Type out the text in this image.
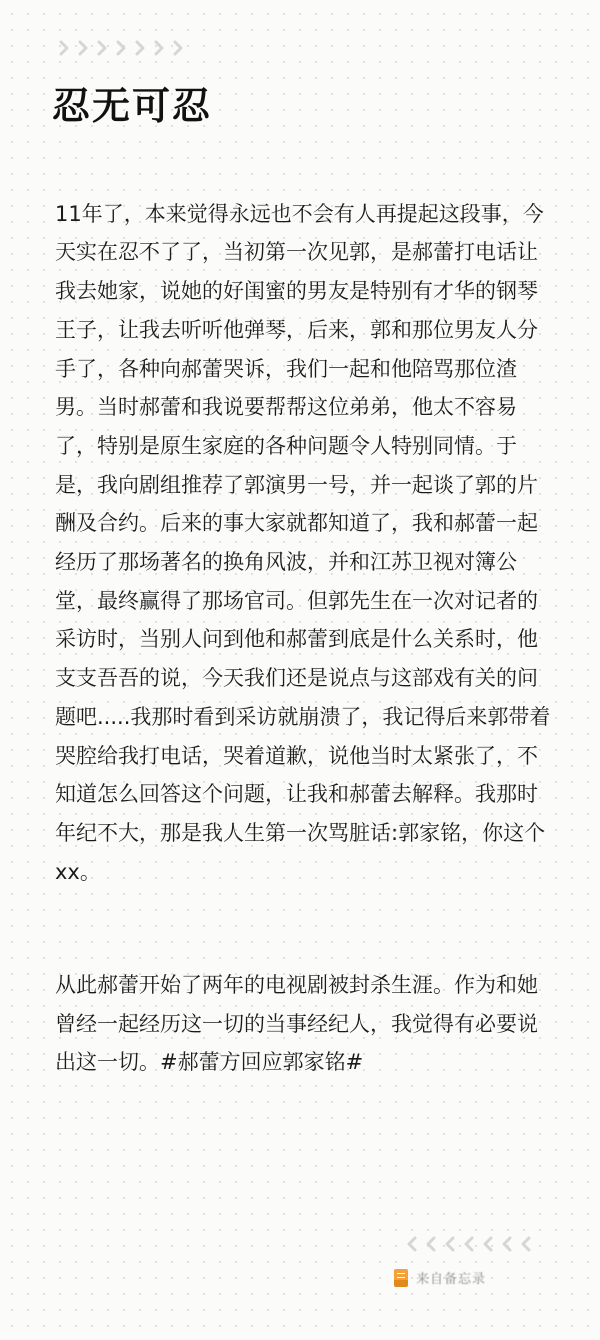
忍无可忍

11年了，本来觉得永远也不会有人再提起这段事，今天实在忍不了了，当初第一次见郭，是郝蕾打电话让我去她家，说她的好闺蜜的男友是特别有才华的钢琴王子，让我去听听他弹琴，后来，郭和那位男友人分手了，各种向郝蕾哭诉，我们一起和他陪骂那位渣男。当时郝蕾和我说要帮帮这位弟弟，他太不容易了，特别是原生家庭的各种问题令人特别同情。于是，我向剧组推荐了郭演男一号，并一起谈了郭的片酬及合约。后来的事大家就都知道了，我和郝蕾一起经历了那场著名的换角风波，并和江苏卫视对簿公堂，最终赢得了那场官司。但郭先生在一次对记者的采访时，当别人问到他和郝蕾到底是什么关系时，他支支吾吾的说，今天我们还是说点与这部戏有关的问题吧.....我那时看到采访就崩溃了，我记得后来郭带着哭腔给我打电话，哭着道歉，说他当时太紧张了，不知道怎么回答这个问题，让我和郝蕾去解释。我那时年纪不大，那是我人生第一次骂脏话:郭家铭，你这个xx。

从此郝蕾开始了两年的电视剧被封杀生涯。作为和她曾经一起经历这一切的当事经纪人，我觉得有必要说出这一切。#郝蕾方回应郭家铭#

来自备忘录
